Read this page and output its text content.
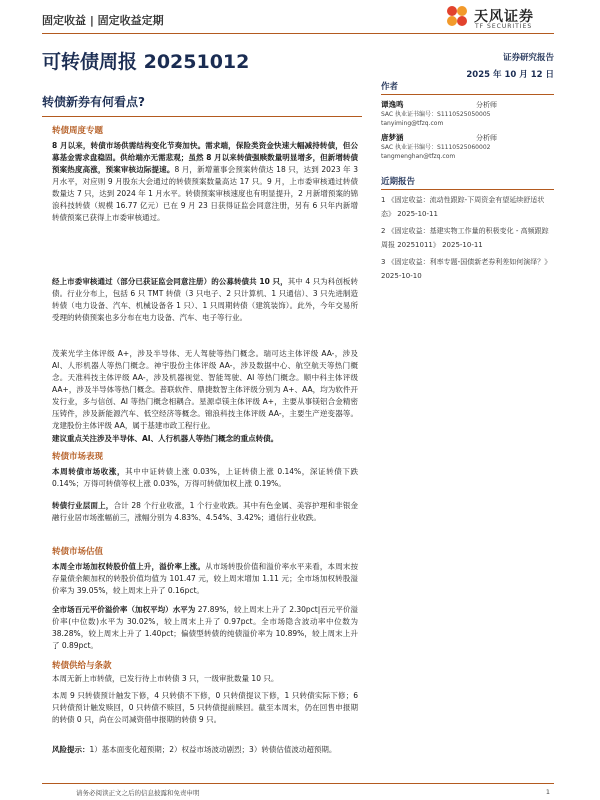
固定收益 | 固定收益定期	天风证券
TF SECURITIES
可转债周报 20251012	证券研究报告
2025 年 10 月 12 日
转债新券有何看点?
作者
谭逸鸣	分析师
SAC 执业证书编号：S1110525050005
tanyiming@tfzq.com
唐梦涵	分析师
SAC 执业证书编号：S1110525060002
tangmenghan@tfzq.com
近期报告
1 《固定收益：流动性跟踪-下周资金有望延续舒适状态》 2025-10-11
2 《固定收益：基建实物工作量的积极变化 - 高频跟踪周报 20251011》 2025-10-11
3 《固定收益：利率专题-国债新老券利差如何演绎？》 2025-10-10
转债周度专题
8 月以来，转债市场供需结构变化节奏加快。需求端，保险类资金快速大幅减持转债，但公募基金需求盘稳固。供给端亦无需悲观；虽然 8 月以来转债强赎数量明显增多，但新增转债预案热度高涨，预案审核边际提速。8 月，新增董事会预案转债达 18 只，达到 2023 年 3 月水平，对应则 9 月股东大会通过的转债预案数量高达 17 只。9 月，上市委审核通过转债数量达 7 只，达到 2024 年 1 月水平。转债预案审核速度也有明显提升，2 月新增预案的锦浪科技转债（规模 16.77 亿元）已在 9 月 23 日获得证监会同意注册，另有 6 只年内新增转债预案已获得上市委审核通过。
经上市委审核通过（部分已获证监会同意注册）的公募转债共 10 只，其中 4 只为科创板转债。行业分布上，包括 6 只 TMT 转债（3 只电子、2 只计算机、1 只通信）、3 只先进制造转债（电力设备、汽车、机械设备各 1 只）、1 只周期转债（建筑装饰）。此外，今年交易所受理的转债预案也多分布在电力设备、汽车、电子等行业。
茂莱光学主体评级 A+，涉及半导体、无人驾驶等热门概念。瑞可达主体评级 AA-，涉及 AI、人形机器人等热门概念。神宇股份主体评级 AA-，涉及数据中心、航空航天等热门概念。天准科技主体评级 AA-，涉及机器视觉、智能驾驶、AI 等热门概念。顺中科主体评级 AA+，涉及半导体等热门概念。普联软件、鼎捷数智主体评级分别为 A+、AA，均为软件开发行业，多与信创、AI 等热门概念相耦合。星源卓镁主体评级 A+，主要从事镁铝合金精密压铸件，涉及新能源汽车、低空经济等概念。锦浪科技主体评级 AA-，主要生产逆变器等。龙建股份主体评级 AA，属于基建市政工程行业。
建议重点关注涉及半导体、AI、人行机器人等热门概念的重点转债。
转债市场表现
本周转债市场收涨，其中中证转债上涨 0.03%，上证转债上涨 0.14%，深证转债下跌 0.14%；万得可转债等权上涨 0.03%，万得可转债加权上涨 0.19%。
转债行业层面上，合计 28 个行业收涨，1 个行业收跌。其中有色金属、美容护理和非银金融行业居市场涨幅前三，涨幅分别为 4.83%、4.54%、3.42%；通信行业收跌。
转债市场估值
本周全市场加权转股价值上升，溢价率上涨。从市场转股价值和溢价率水平来看，本周末按存量债余额加权的转股价值均值为 101.47 元，较上周末增加 1.11 元；全市场加权转股溢价率为 39.05%，较上周末上升了 0.16pct。
全市场百元平价溢价率（加权平均）水平为 27.89%，较上周末上升了 2.30pct|百元平价溢价率(中位数)水平为 30.02%，较上周末上升了 0.97pct。全市场隐含波动率中位数为 38.28%，较上周末上升了 1.40pct；偏债型转债的纯债溢价率为 10.89%，较上周末上升了 0.89pct。
转债供给与条款
本周无新上市转债，已发行待上市转债 3 只，一级审批数量 10 只。
本周 9 只转债预计触发下修，4 只转债不下修，0 只转债提议下修，1 只转债实际下修；6 只转债预计触发赎回，0 只转债不赎回，5 只转债提前赎回。截至本周末，仍在回售申报期的转债 0 只，尚在公司减资借申报期的转债 9 只。
风险提示：1）基本面变化超预期；2）权益市场波动剧烈；3）转债估值波动超预期。
请务必阅读正文之后的信息披露和免责申明	1
